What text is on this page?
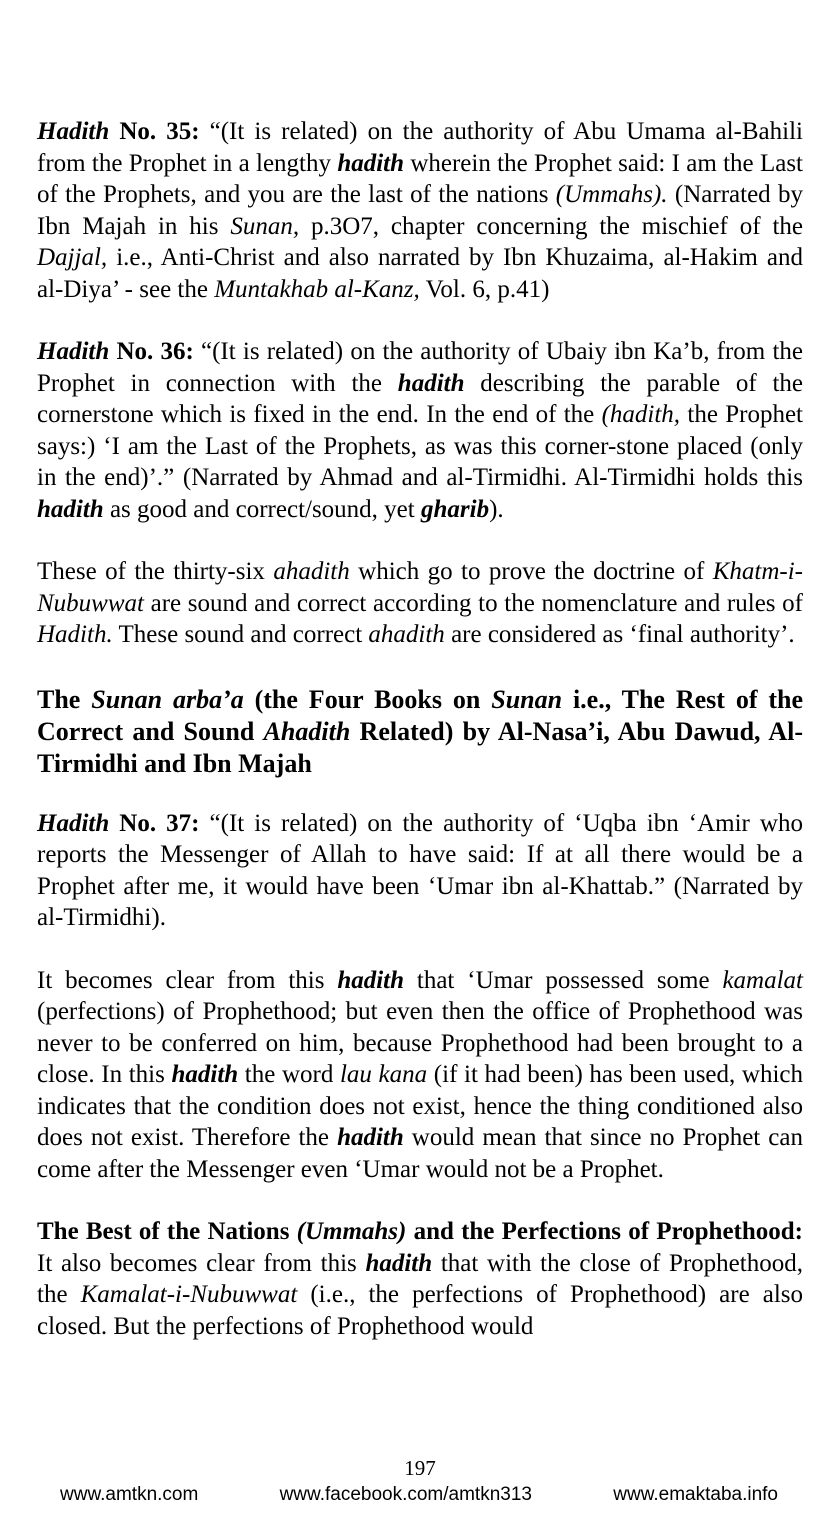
Hadith No. 35: “(It is related) on the authority of Abu Umama al-Bahili from the Prophet in a lengthy hadith wherein the Prophet said: I am the Last of the Prophets, and you are the last of the nations (Ummahs). (Narrated by Ibn Majah in his Sunan, p.3O7, chapter concerning the mischief of the Dajjal, i.e., Anti-Christ and also narrated by Ibn Khuzaima, al-Hakim and al-Diya’ - see the Muntakhab al-Kanz, Vol. 6, p.41)

Hadith No. 36: “(It is related) on the authority of Ubaiy ibn Ka’b, from the Prophet in connection with the hadith describing the parable of the cornerstone which is fixed in the end. In the end of the (hadith, the Prophet says:) ‘I am the Last of the Prophets, as was this corner-stone placed (only in the end)’.” (Narrated by Ahmad and al-Tirmidhi. Al-Tirmidhi holds this hadith as good and correct/sound, yet gharib).

These of the thirty-six ahadith which go to prove the doctrine of Khatm-i-Nubuwwat are sound and correct according to the nomenclature and rules of Hadith. These sound and correct ahadith are considered as ‘final authority’.

The Sunan arba’a (the Four Books on Sunan i.e., The Rest of the Correct and Sound Ahadith Related) by Al-Nasa’i, Abu Dawud, Al-Tirmidhi and Ibn Majah

Hadith No. 37: “(It is related) on the authority of ‘Uqba ibn ‘Amir who reports the Messenger of Allah to have said: If at all there would be a Prophet after me, it would have been ‘Umar ibn al-Khattab.” (Narrated by al-Tirmidhi).

It becomes clear from this hadith that ‘Umar possessed some kamalat (perfections) of Prophethood; but even then the office of Prophethood was never to be conferred on him, because Prophethood had been brought to a close. In this hadith the word lau kana (if it had been) has been used, which indicates that the condition does not exist, hence the thing conditioned also does not exist. Therefore the hadith would mean that since no Prophet can come after the Messenger even ‘Umar would not be a Prophet.

The Best of the Nations (Ummahs) and the Perfections of Prophethood: It also becomes clear from this hadith that with the close of Prophethood, the Kamalat-i-Nubuwwat (i.e., the perfections of Prophethood) are also closed. But the perfections of Prophethood would

197
www.amtkn.com	www.facebook.com/amtkn313	www.emaktaba.info
